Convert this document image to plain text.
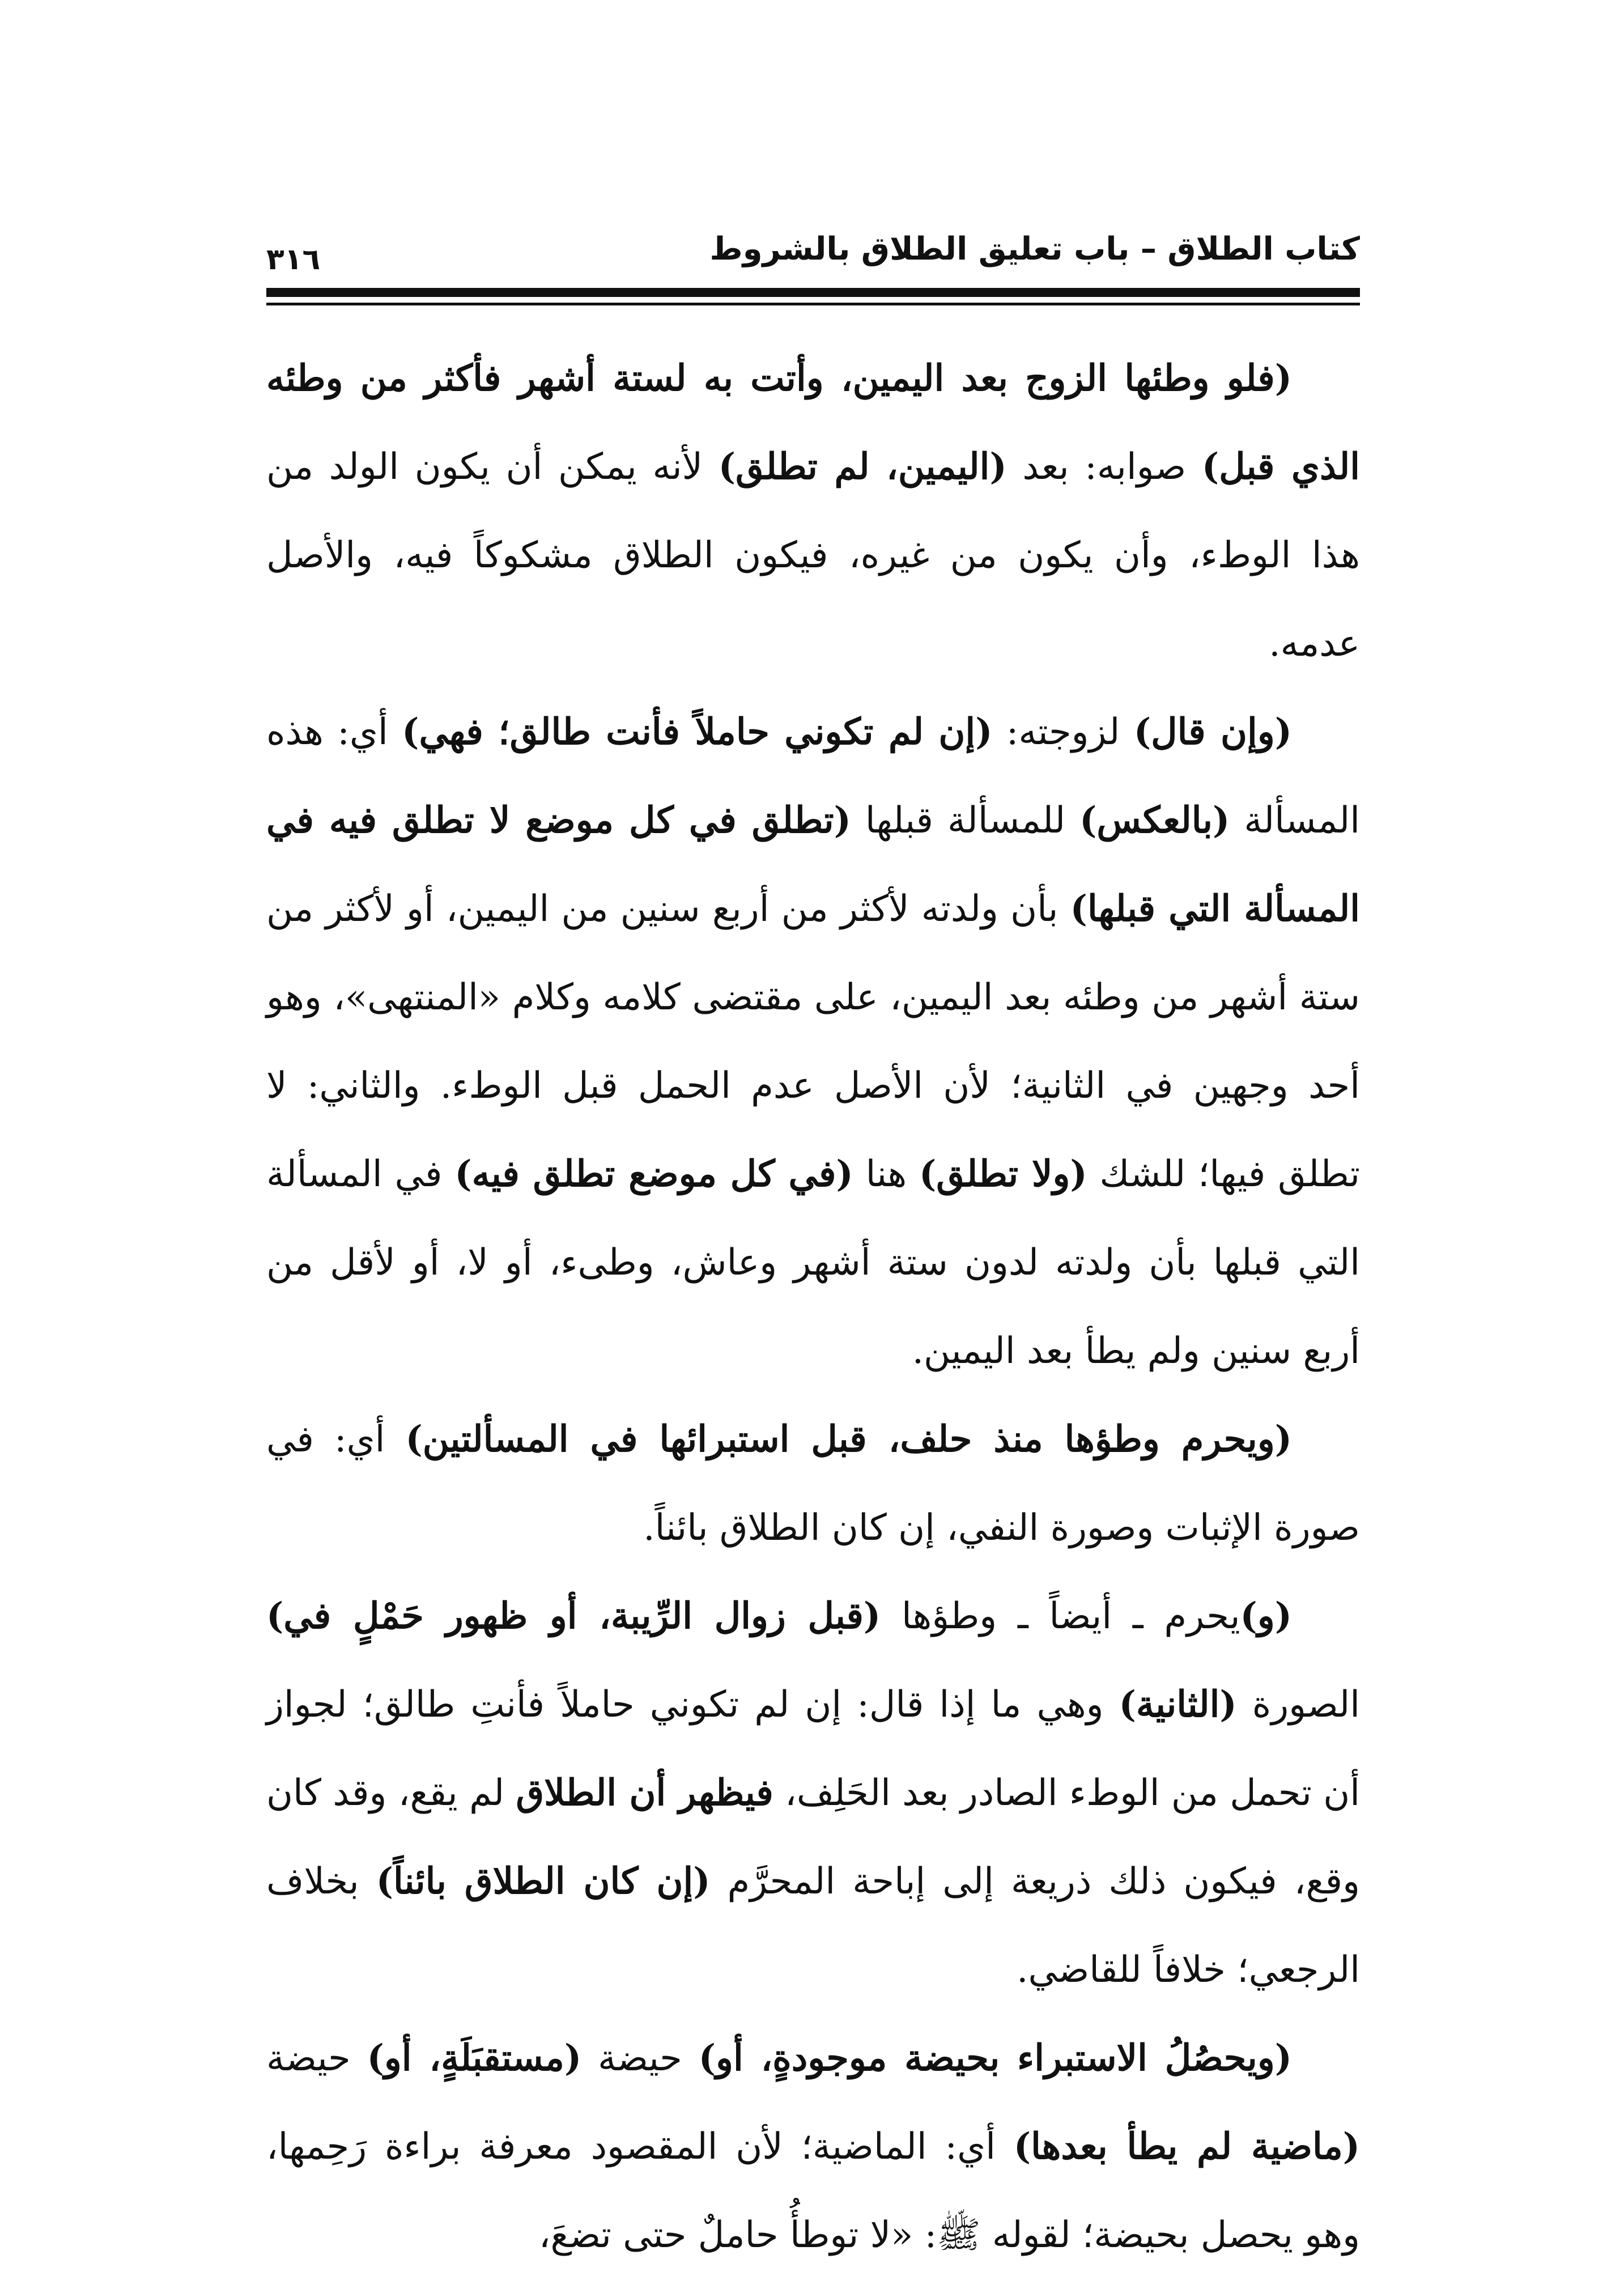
كتاب الطلاق – باب تعليق الطلاق بالشروط
٣١٦

(فلو وطئها الزوج بعد اليمين، وأتت به لستة أشهر فأكثر من وطئه الذي قبل) صوابه: بعد (اليمين، لم تطلق) لأنه يمكن أن يكون الولد من هذا الوطء، وأن يكون من غيره، فيكون الطلاق مشكوكاً فيه، والأصل عدمه.

(وإن قال) لزوجته: (إن لم تكوني حاملاً فأنت طالق؛ فهي) أي: هذه المسألة (بالعكس) للمسألة قبلها (تطلق في كل موضع لا تطلق فيه في المسألة التي قبلها) بأن ولدته لأكثر من أربع سنين من اليمين، أو لأكثر من ستة أشهر من وطئه بعد اليمين، على مقتضى كلامه وكلام «المنتهى»، وهو أحد وجهين في الثانية؛ لأن الأصل عدم الحمل قبل الوطء. والثاني: لا تطلق فيها؛ للشك (ولا تطلق) هنا (في كل موضع تطلق فيه) في المسألة التي قبلها بأن ولدته لدون ستة أشهر وعاش، وطىء، أو لا، أو لأقل من أربع سنين ولم يطأ بعد اليمين.

(ويحرم وطؤها منذ حلف، قبل استبرائها في المسألتين) أي: في صورة الإثبات وصورة النفي، إن كان الطلاق بائناً.

(و)يحرم ـ أيضاً ـ وطؤها (قبل زوال الرِّيبة، أو ظهور حَمْلٍ في) الصورة (الثانية) وهي ما إذا قال: إن لم تكوني حاملاً فأنتِ طالق؛ لجواز أن تحمل من الوطء الصادر بعد الحَلِف، فيظهر أن الطلاق لم يقع، وقد كان وقع، فيكون ذلك ذريعة إلى إباحة المحرَّم (إن كان الطلاق بائناً) بخلاف الرجعي؛ خلافاً للقاضي.

(ويحصُلُ الاستبراء بحيضة موجودةٍ، أو) حيضة (مستقبَلَةٍ، أو) حيضة (ماضية لم يطأ بعدها) أي: الماضية؛ لأن المقصود معرفة براءة رَحِمها، وهو يحصل بحيضة؛ لقوله ﷺ: «لا توطأُ حاملٌ حتى تضعَ،
